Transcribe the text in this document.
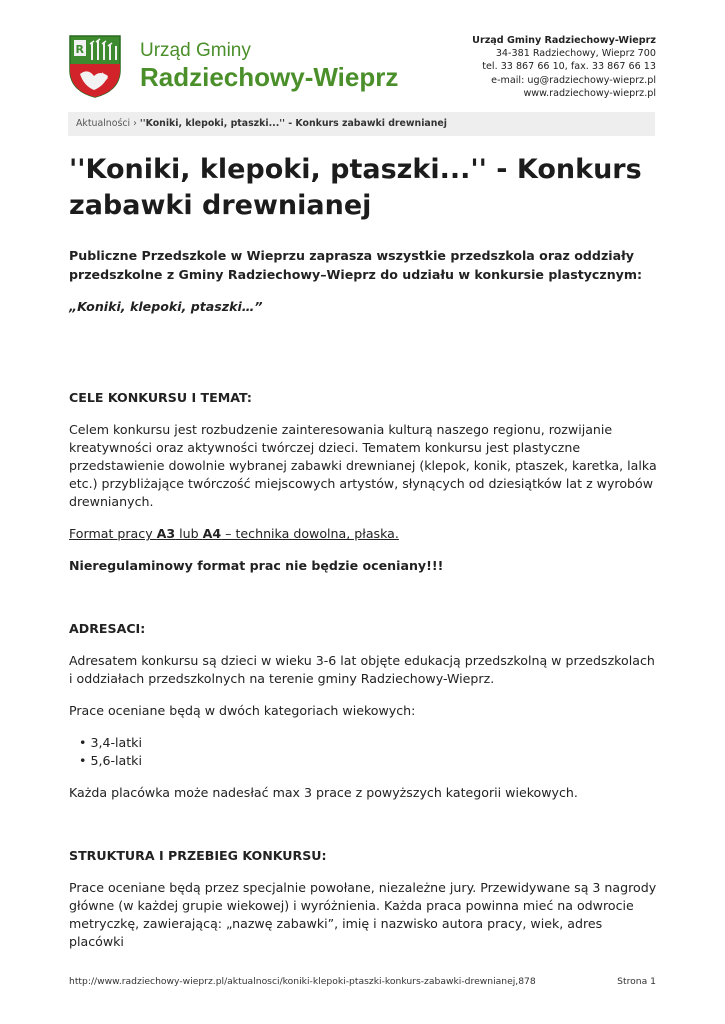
R	Urząd Gminy
Radziechowy-Wieprz
Urząd Gminy Radziechowy-Wieprz
34-381 Radziechowy, Wieprz 700
tel. 33 867 66 10, fax. 33 867 66 13
e-mail: ug@radziechowy-wieprz.pl
www.radziechowy-wieprz.pl
Aktualności › ''Koniki, klepoki, ptaszki...'' - Konkurs zabawki drewnianej
''Koniki, klepoki, ptaszki...'' - Konkurs zabawki drewnianej
Publiczne Przedszkole w Wieprzu zaprasza wszystkie przedszkola oraz oddziały przedszkolne z Gminy Radziechowy–Wieprz do udziału w konkursie plastycznym:
„Koniki, klepoki, ptaszki…”
CELE KONKURSU I TEMAT:
Celem konkursu jest rozbudzenie zainteresowania kulturą naszego regionu, rozwijanie kreatywności oraz aktywności twórczej dzieci. Tematem konkursu jest plastyczne przedstawienie dowolnie wybranej zabawki drewnianej (klepok, konik, ptaszek, karetka, lalka etc.) przybliżające twórczość miejscowych artystów, słynących od dziesiątków lat z wyrobów drewnianych.
Format pracy A3 lub A4 – technika dowolna, płaska.
Nieregulaminowy format prac nie będzie oceniany!!!
ADRESACI:
Adresatem konkursu są dzieci w wieku 3-6 lat objęte edukacją przedszkolną w przedszkolach i oddziałach przedszkolnych na terenie gminy Radziechowy-Wieprz.
Prace oceniane będą w dwóch kategoriach wiekowych:
• 3,4-latki
• 5,6-latki
Każda placówka może nadesłać max 3 prace z powyższych kategorii wiekowych.
STRUKTURA I PRZEBIEG KONKURSU:
Prace oceniane będą przez specjalnie powołane, niezależne jury. Przewidywane są 3 nagrody główne (w każdej grupie wiekowej) i wyróżnienia. Każda praca powinna mieć na odwrocie metryczkę, zawierającą: „nazwę zabawki”, imię i nazwisko autora pracy, wiek, adres placówki
http://www.radziechowy-wieprz.pl/aktualnosci/koniki-klepoki-ptaszki-konkurs-zabawki-drewnianej,878	Strona 1
